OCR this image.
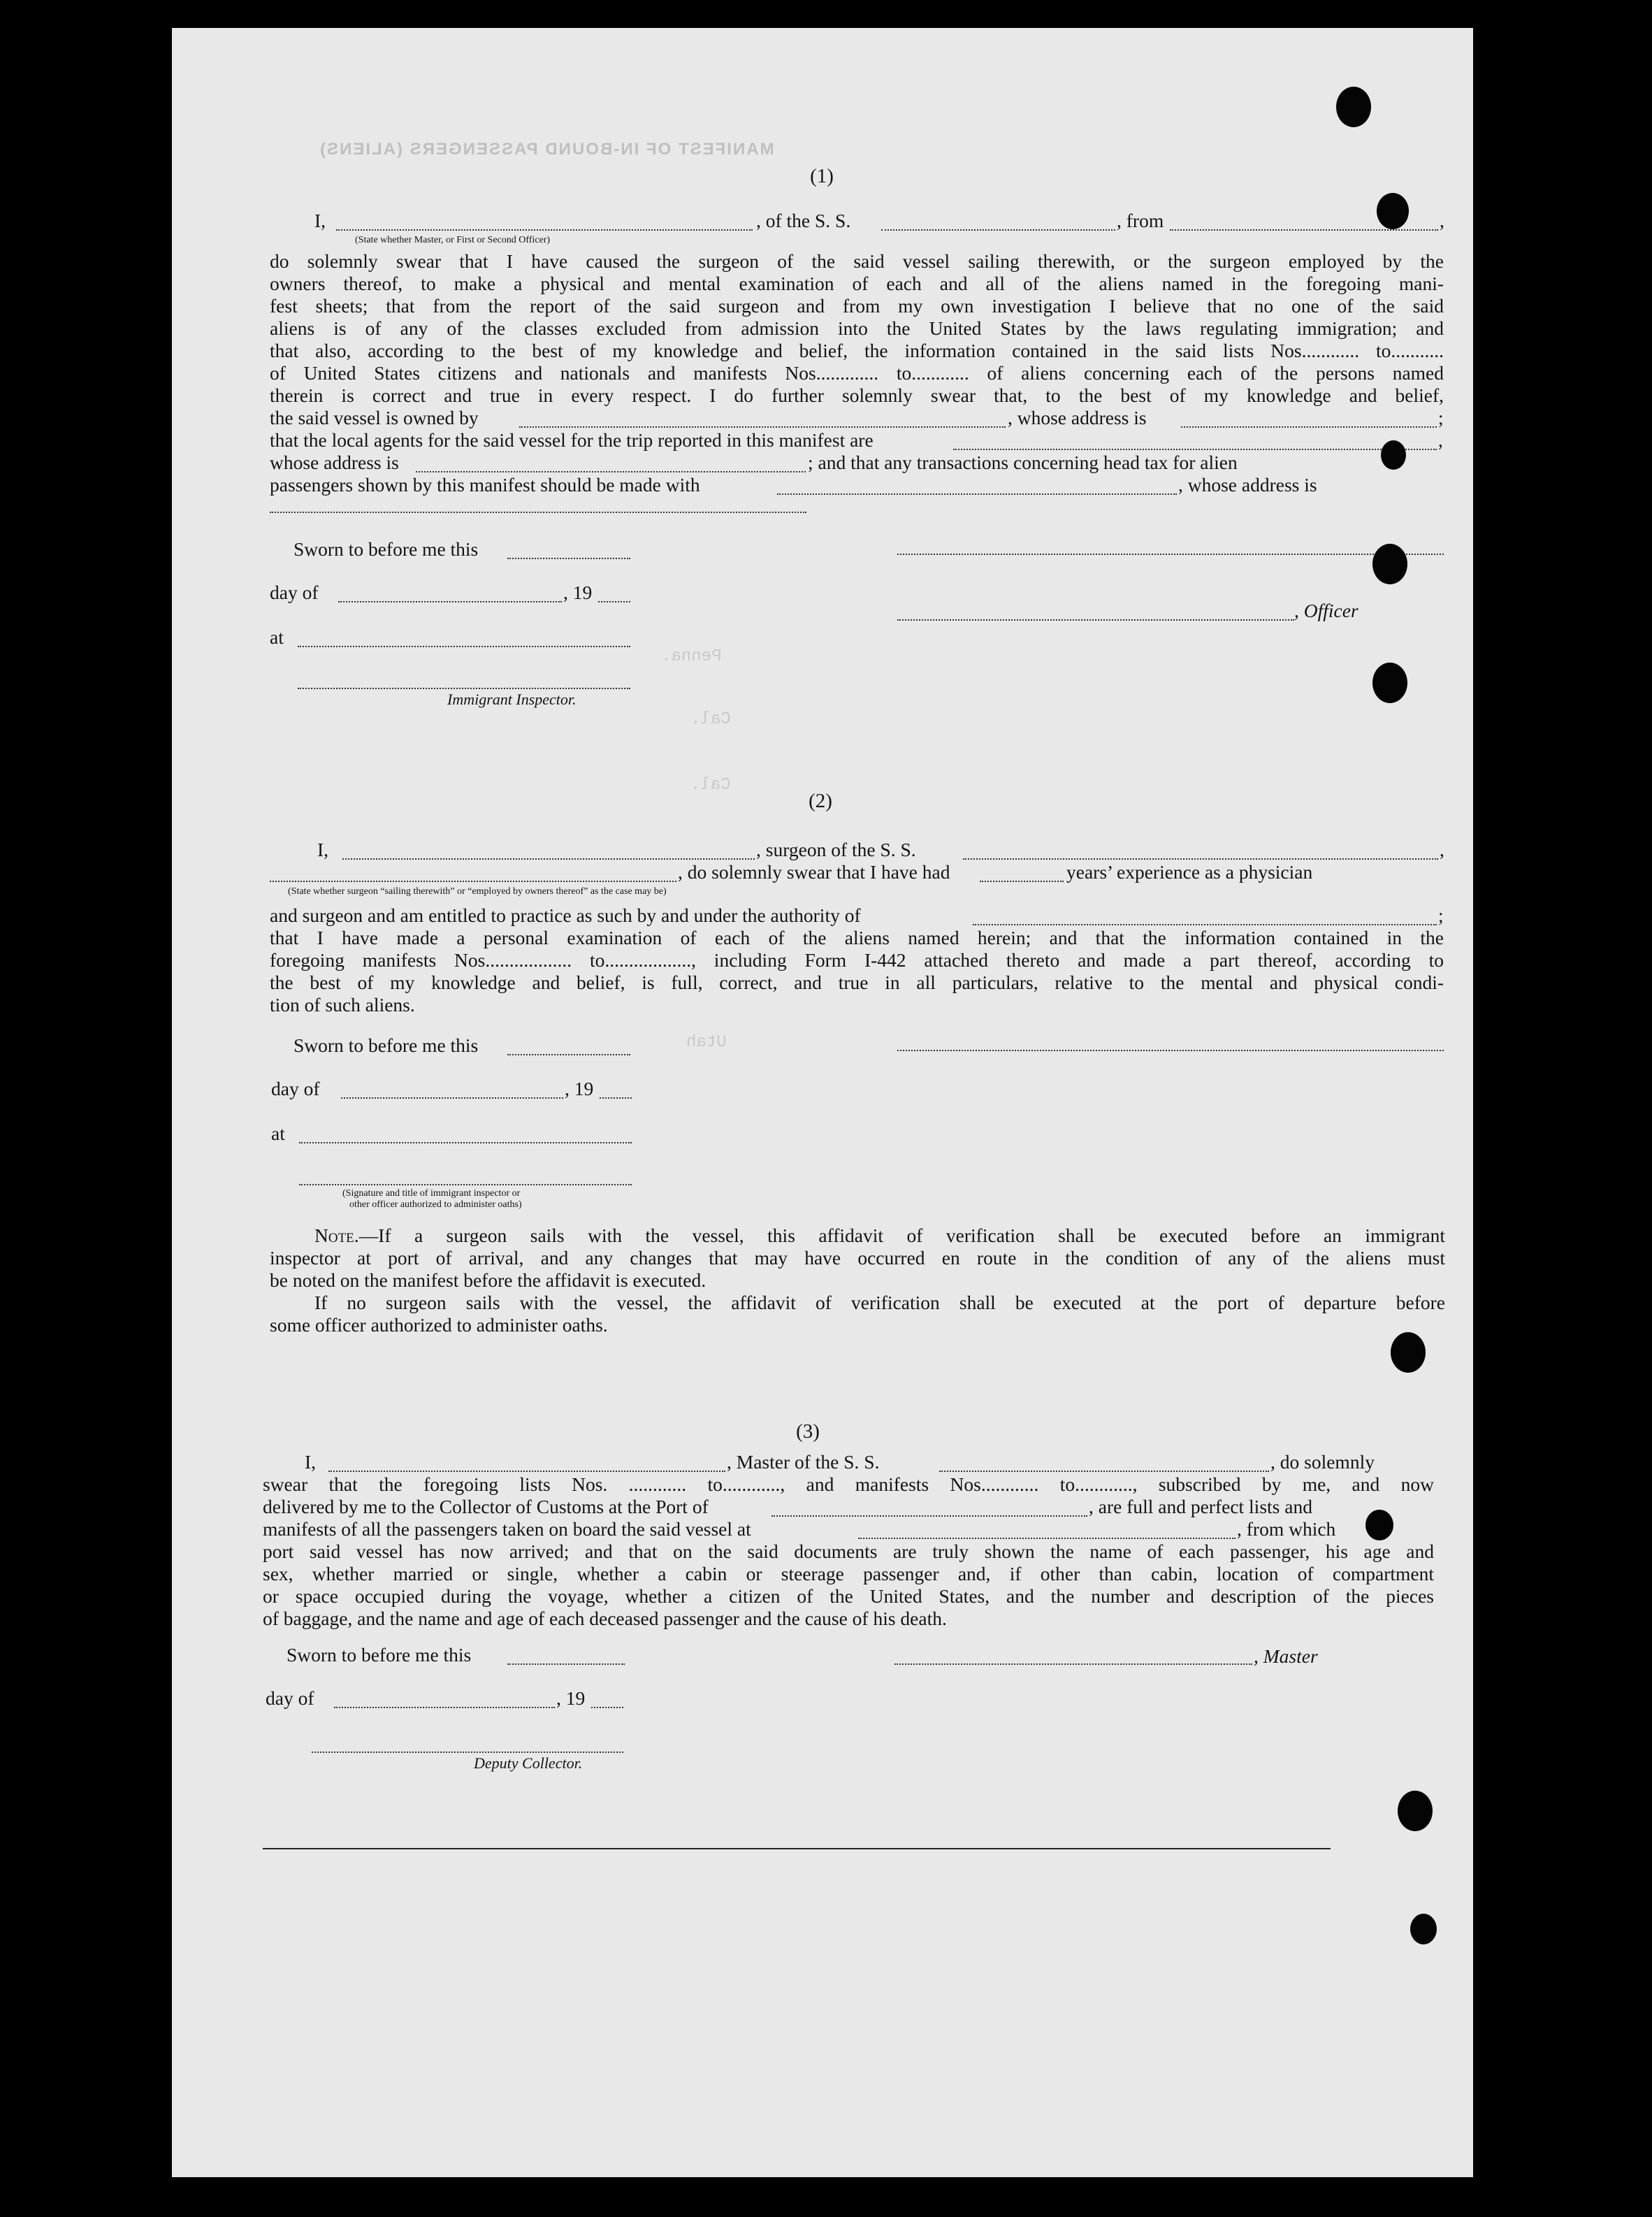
MANIFEST OF IN-BOUND PASSENGERS (ALIENS)
Penna.
Cal.
Cal.
Utah
(1)
I,
(State whether Master, or First or Second Officer)
, of the S. S.	, from	,
do solemnly swear that I have caused the surgeon of the said vessel sailing therewith, or the surgeon employed by the
owners thereof, to make a physical and mental examination of each and all of the aliens named in the foregoing mani-
fest sheets; that from the report of the said surgeon and from my own investigation I believe that no one of the said
aliens is of any of the classes excluded from admission into the United States by the laws regulating immigration; and
that also, according to the best of my knowledge and belief, the information contained in the said lists Nos............ to...........
of United States citizens and nationals and manifests Nos............. to............ of aliens concerning each of the persons named
therein is correct and true in every respect. I do further solemnly swear that, to the best of my knowledge and belief,
the said vessel is owned by	, whose address is	;
that the local agents for the said vessel for the trip reported in this manifest are	,
whose address is	; and that any transactions concerning head tax for alien
passengers shown by this manifest should be made with	, whose address is
Sworn to before me this
day of	, 19
, Officer
at
Immigrant Inspector.
(2)
I,	, surgeon of the S. S.	,
, do solemnly swear that I have had	years’ experience as a physician
(State whether surgeon “sailing therewith” or “employed by owners thereof” as the case may be)
and surgeon and am entitled to practice as such by and under the authority of	;
that I have made a personal examination of each of the aliens named herein; and that the information contained in the
foregoing manifests Nos.................. to.................., including Form I-442 attached thereto and made a part thereof, according to
the best of my knowledge and belief, is full, correct, and true in all particulars, relative to the mental and physical condi-
tion of such aliens.
Sworn to before me this
day of	, 19
at
(Signature and title of immigrant inspector or
other officer authorized to administer oaths)
Note.—If a surgeon sails with the vessel, this affidavit of verification shall be executed before an immigrant
inspector at port of arrival, and any changes that may have occurred en route in the condition of any of the aliens must
be noted on the manifest before the affidavit is executed.
If no surgeon sails with the vessel, the affidavit of verification shall be executed at the port of departure before
some officer authorized to administer oaths.
(3)
I,	, Master of the S. S.	, do solemnly
swear that the foregoing lists Nos. ............ to............, and manifests Nos............ to............, subscribed by me, and now
delivered by me to the Collector of Customs at the Port of	, are full and perfect lists and
manifests of all the passengers taken on board the said vessel at	, from which
port said vessel has now arrived; and that on the said documents are truly shown the name of each passenger, his age and
sex, whether married or single, whether a cabin or steerage passenger and, if other than cabin, location of compartment
or space occupied during the voyage, whether a citizen of the United States, and the number and description of the pieces
of baggage, and the name and age of each deceased passenger and the cause of his death.
Sworn to before me this	, Master
day of	, 19
Deputy Collector.
